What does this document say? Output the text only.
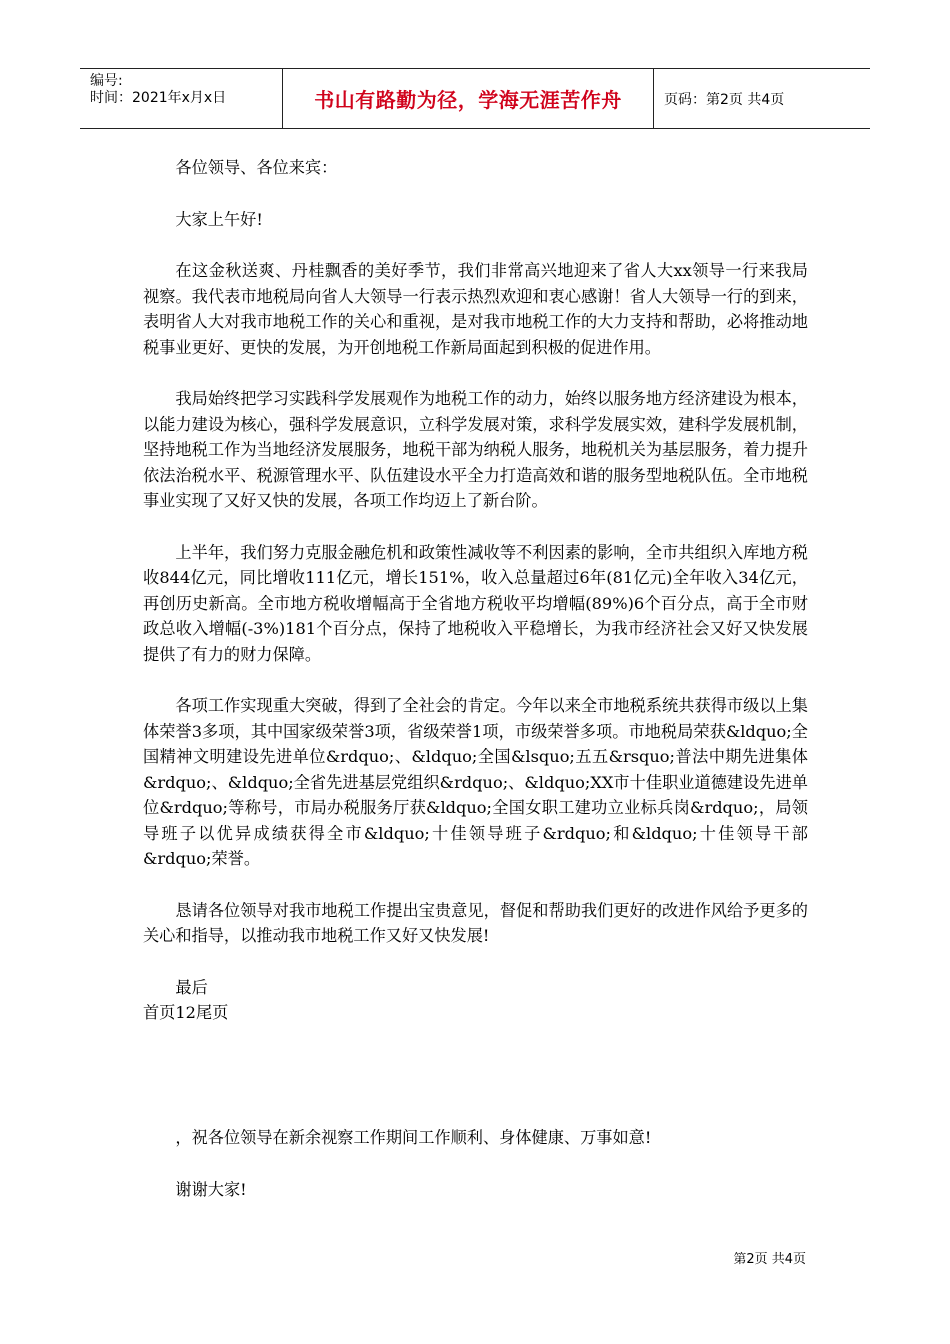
编号:
时间：2021年x月x日	书山有路勤为径，学海无涯苦作舟	页码：第2页 共4页

各位领导、各位来宾：

大家上午好!

在这金秋送爽、丹桂飘香的美好季节，我们非常高兴地迎来了省人大xx领导一行来我局视察。我代表市地税局向省人大领导一行表示热烈欢迎和衷心感谢！省人大领导一行的到来，表明省人大对我市地税工作的关心和重视，是对我市地税工作的大力支持和帮助，必将推动地税事业更好、更快的发展，为开创地税工作新局面起到积极的促进作用。

我局始终把学习实践科学发展观作为地税工作的动力，始终以服务地方经济建设为根本，以能力建设为核心，强科学发展意识，立科学发展对策，求科学发展实效，建科学发展机制，坚持地税工作为当地经济发展服务，地税干部为纳税人服务，地税机关为基层服务，着力提升依法治税水平、税源管理水平、队伍建设水平全力打造高效和谐的服务型地税队伍。全市地税事业实现了又好又快的发展，各项工作均迈上了新台阶。

上半年，我们努力克服金融危机和政策性减收等不利因素的影响，全市共组织入库地方税收844亿元，同比增收111亿元，增长151%，收入总量超过6年(81亿元)全年收入34亿元，再创历史新高。全市地方税收增幅高于全省地方税收平均增幅(89%)6个百分点，高于全市财政总收入增幅(-3%)181个百分点，保持了地税收入平稳增长，为我市经济社会又好又快发展提供了有力的财力保障。

各项工作实现重大突破，得到了全社会的肯定。今年以来全市地税系统共获得市级以上集体荣誉3多项，其中国家级荣誉3项，省级荣誉1项，市级荣誉多项。市地税局荣获&ldquo;全国精神文明建设先进单位&rdquo;、&ldquo;全国&lsquo;五五&rsquo;普法中期先进集体&rdquo;、&ldquo;全省先进基层党组织&rdquo;、&ldquo;XX市十佳职业道德建设先进单位&rdquo;等称号，市局办税服务厅获&ldquo;全国女职工建功立业标兵岗&rdquo;，局领导班子以优异成绩获得全市&ldquo;十佳领导班子&rdquo;和&ldquo;十佳领导干部&rdquo;荣誉。

恳请各位领导对我市地税工作提出宝贵意见，督促和帮助我们更好的改进作风给予更多的关心和指导，以推动我市地税工作又好又快发展!

最后

首页12尾页

，祝各位领导在新余视察工作期间工作顺利、身体健康、万事如意!

谢谢大家!

第2页 共4页
